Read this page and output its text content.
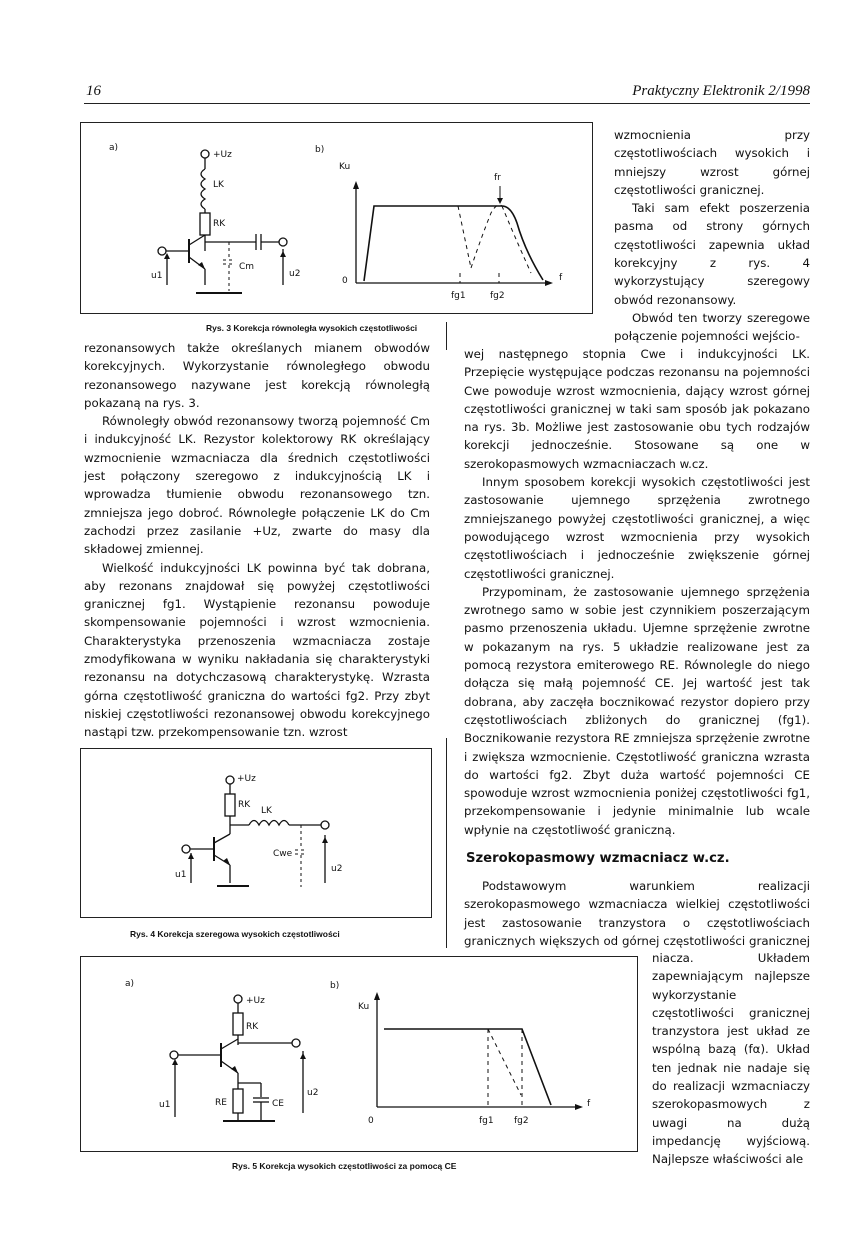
16	Praktyczny Elektronik 2/1998
a)
+Uz
LK
RK
Cm
u1	u2
b)
Ku
fr
0	f
fg1	fg2
Rys. 3 Korekcja równoległa wysokich częstotliwości

wzmocnienia przy częstotliwościach wysokich i mniejszy wzrost górnej częstotliwości granicznej.

Taki sam efekt poszerzenia pasma od strony górnych częstotliwości zapewnia układ korekcyjny z rys. 4 wykorzystujący szeregowy obwód rezonansowy.

Obwód ten tworzy szeregowe połączenie pojemności wejścio-

rezonansowych także określanych mianem obwodów korekcyjnych. Wykorzystanie równoległego obwodu rezonansowego nazywane jest korekcją równoległą pokazaną na rys. 3.

Równoległy obwód rezonansowy tworzą pojemność Cm i indukcyjność LK. Rezystor kolektorowy RK określający wzmocnienie wzmacniacza dla średnich częstotliwości jest połączony szeregowo z indukcyjnością LK i wprowadza tłumienie obwodu rezonansowego tzn. zmniejsza jego dobroć. Równoległe połączenie LK do Cm zachodzi przez zasilanie +Uz, zwarte do masy dla składowej zmiennej.

Wielkość indukcyjności LK powinna być tak dobrana, aby rezonans znajdował się powyżej częstotliwości granicznej fg1. Wystąpienie rezonansu powoduje skompensowanie pojemności i wzrost wzmocnienia. Charakterystyka przenoszenia wzmacniacza zostaje zmodyfikowana w wyniku nakładania się charakterystyki rezonansu na dotychczasową charakterystykę. Wzrasta górna częstotliwość graniczna do wartości fg2. Przy zbyt niskiej częstotliwości rezonansowej obwodu korekcyjnego nastąpi tzw. przekompensowanie tzn. wzrost

wej następnego stopnia Cwe i indukcyjności LK. Przepięcie występujące podczas rezonansu na pojemności Cwe powoduje wzrost wzmocnienia, dający wzrost górnej częstotliwości granicznej w taki sam sposób jak pokazano na rys. 3b. Możliwe jest zastosowanie obu tych rodzajów korekcji jednocześnie. Stosowane są one w szerokopasmowych wzmacniaczach w.cz.

Innym sposobem korekcji wysokich częstotliwości jest zastosowanie ujemnego sprzężenia zwrotnego zmniejszanego powyżej częstotliwości granicznej, a więc powodującego wzrost wzmocnienia przy wysokich częstotliwościach i jednocześnie zwiększenie górnej częstotliwości granicznej.

Przypominam, że zastosowanie ujemnego sprzężenia zwrotnego samo w sobie jest czynnikiem poszerzającym pasmo przenoszenia układu. Ujemne sprzężenie zwrotne w pokazanym na rys. 5 układzie realizowane jest za pomocą rezystora emiterowego RE. Równolegle do niego dołącza się małą pojemność CE. Jej wartość jest tak dobrana, aby zaczęła bocznikować rezystor dopiero przy częstotliwościach zbliżonych do granicznej (fg1). Bocznikowanie rezystora RE zmniejsza sprzężenie zwrotne i zwiększa wzmocnienie. Częstotliwość graniczna wzrasta do wartości fg2. Zbyt duża wartość pojemności CE spowoduje wzrost wzmocnienia poniżej częstotliwości fg1, przekompensowanie i jedynie minimalnie lub wcale wpłynie na częstotliwość graniczną.

+Uz
RK
LK
Cwe
u1
u2
Rys. 4 Korekcja szeregowa wysokich częstotliwości
Szerokopasmowy wzmacniacz w.cz.

Podstawowym warunkiem realizacji szerokopasmowego wzmacniacza wielkiej częstotliwości jest zastosowanie tranzystora o częstotliwościach granicznych większych od górnej częstotliwości granicznej

niacza. Układem zapewniającym najlepsze wykorzystanie częstotliwości granicznej tranzystora jest układ ze wspólną bazą (fα). Układ ten jednak nie nadaje się do realizacji wzmacniaczy szerokopasmowych z uwagi na dużą impedancję wyjściową. Najlepsze właściwości ale

a)
+Uz
RK
RE	CE
u1
u2
b)
Ku
0
f
fg1 fg2
Rys. 5 Korekcja wysokich częstotliwości za pomocą CE
